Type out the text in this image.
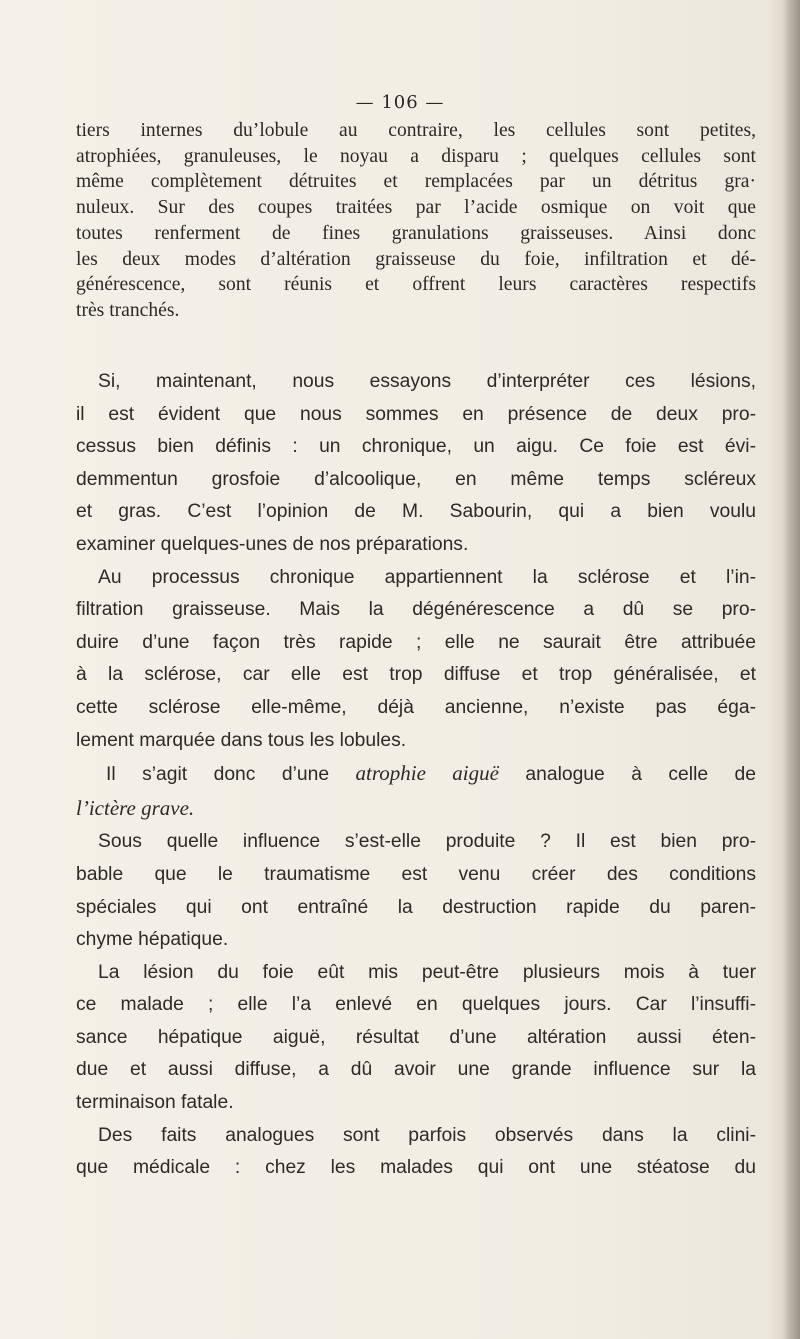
— 106 —

tiers internes du’lobule au contraire, les cellules sont petites,

atrophiées, granuleuses, le noyau a disparu ; quelques cellules sont

même complètement détruites et remplacées par un détritus gra·

nuleux. Sur des coupes traitées par l’acide osmique on voit que

toutes renferment de fines granulations graisseuses. Ainsi donc

les deux modes d’altération graisseuse du foie, infiltration et dé-

générescence, sont réunis et offrent leurs caractères respectifs

très tranchés.

Si, maintenant, nous essayons d’interpréter ces lésions,

il est évident que nous sommes en présence de deux pro-

cessus bien définis : un chronique, un aigu. Ce foie est évi-

demmentun grosfoie d’alcoolique, en même temps scléreux

et gras. C’est l’opinion de M. Sabourin, qui a bien voulu

examiner quelques-unes de nos préparations.

Au processus chronique appartiennent la sclérose et l’in-

filtration graisseuse. Mais la dégénérescence a dû se pro-

duire d’une façon très rapide ; elle ne saurait être attribuée

à la sclérose, car elle est trop diffuse et trop généralisée, et

cette sclérose elle-même, déjà ancienne, n’existe pas éga-

lement marquée dans tous les lobules.

Il s’agit donc d’une atrophie aiguë analogue à celle de

l’ictère grave.

Sous quelle influence s’est-elle produite ? Il est bien pro-

bable que le traumatisme est venu créer des conditions

spéciales qui ont entraîné la destruction rapide du paren-

chyme hépatique.

La lésion du foie eût mis peut-être plusieurs mois à tuer

ce malade ; elle l’a enlevé en quelques jours. Car l’insuffi-

sance hépatique aiguë, résultat d’une altération aussi éten-

due et aussi diffuse, a dû avoir une grande influence sur la

terminaison fatale.

Des faits analogues sont parfois observés dans la clini-

que médicale : chez les malades qui ont une stéatose du
